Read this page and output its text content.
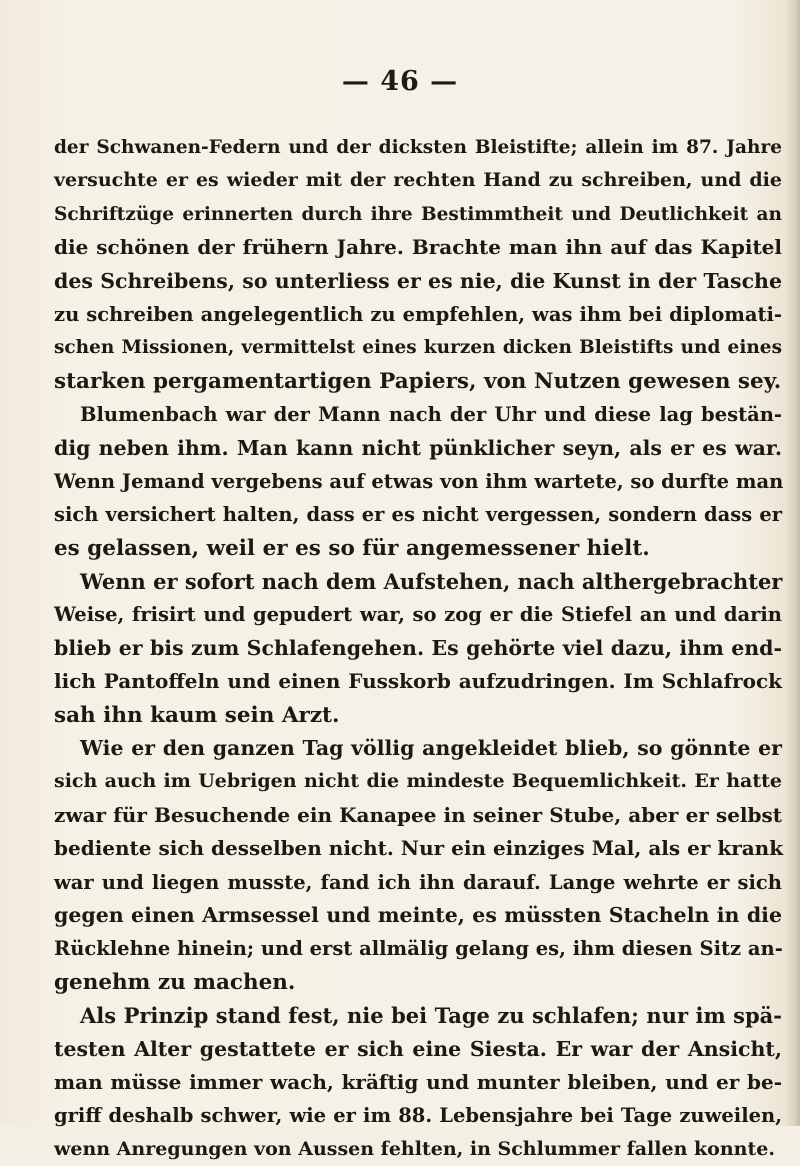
— 46 —

der Schwanen-Federn und der dicksten Bleistifte; allein im 87. Jahre
versuchte er es wieder mit der rechten Hand zu schreiben, und die
Schriftzüge erinnerten durch ihre Bestimmtheit und Deutlichkeit an
die schönen der frühern Jahre. Brachte man ihn auf das Kapitel
des Schreibens, so unterliess er es nie, die Kunst in der Tasche
zu schreiben angelegentlich zu empfehlen, was ihm bei diplomati-
schen Missionen, vermittelst eines kurzen dicken Bleistifts und eines
starken pergamentartigen Papiers, von Nutzen gewesen sey.
Blumenbach war der Mann nach der Uhr und diese lag bestän-
dig neben ihm. Man kann nicht pünklicher seyn, als er es war.
Wenn Jemand vergebens auf etwas von ihm wartete, so durfte man
sich versichert halten, dass er es nicht vergessen, sondern dass er
es gelassen, weil er es so für angemessener hielt.
Wenn er sofort nach dem Aufstehen, nach althergebrachter
Weise, frisirt und gepudert war, so zog er die Stiefel an und darin
blieb er bis zum Schlafengehen. Es gehörte viel dazu, ihm end-
lich Pantoffeln und einen Fusskorb aufzudringen. Im Schlafrock
sah ihn kaum sein Arzt.
Wie er den ganzen Tag völlig angekleidet blieb, so gönnte er
sich auch im Uebrigen nicht die mindeste Bequemlichkeit. Er hatte
zwar für Besuchende ein Kanapee in seiner Stube, aber er selbst
bediente sich desselben nicht. Nur ein einziges Mal, als er krank
war und liegen musste, fand ich ihn darauf. Lange wehrte er sich
gegen einen Armsessel und meinte, es müssten Stacheln in die
Rücklehne hinein; und erst allmälig gelang es, ihm diesen Sitz an-
genehm zu machen.
Als Prinzip stand fest, nie bei Tage zu schlafen; nur im spä-
testen Alter gestattete er sich eine Siesta. Er war der Ansicht,
man müsse immer wach, kräftig und munter bleiben, und er be-
griff deshalb schwer, wie er im 88. Lebensjahre bei Tage zuweilen,
wenn Anregungen von Aussen fehlten, in Schlummer fallen konnte.
